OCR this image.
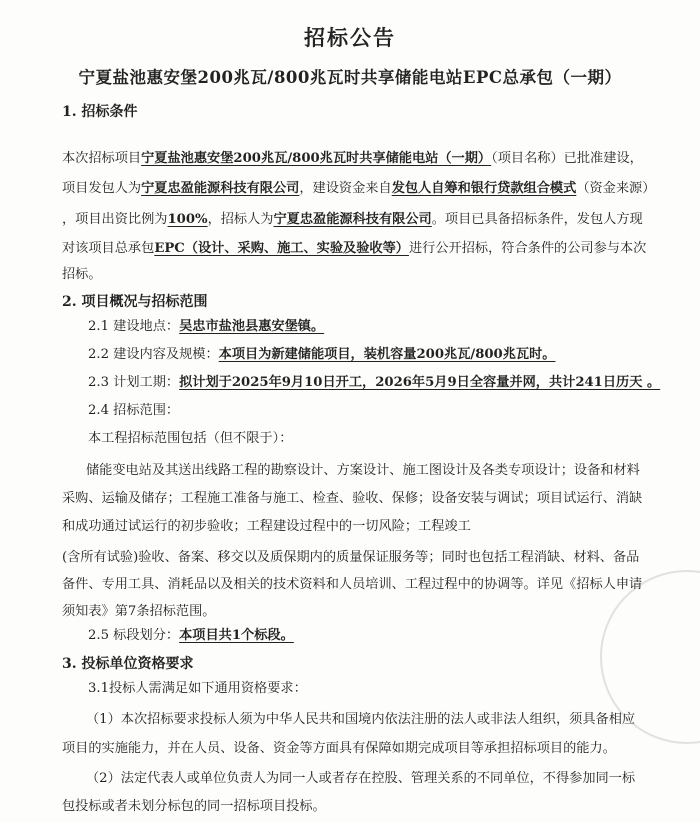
招标公告
宁夏盐池惠安堡200兆瓦/800兆瓦时共享储能电站EPC总承包（一期）
1. 招标条件
本次招标项目宁夏盐池惠安堡200兆瓦/800兆瓦时共享储能电站（一期）（项目名称）已批准建设，
项目发包人为宁夏忠盈能源科技有限公司，建设资金来自发包人自筹和银行贷款组合模式（资金来源）
，项目出资比例为100%，招标人为宁夏忠盈能源科技有限公司。项目已具备招标条件，发包人方现
对该项目总承包EPC（设计、采购、施工、实验及验收等）进行公开招标，符合条件的公司参与本次
招标。
2. 项目概况与招标范围
2.1 建设地点：吴忠市盐池县惠安堡镇。
2.2 建设内容及规模：本项目为新建储能项目，装机容量200兆瓦/800兆瓦时。
2.3 计划工期：拟计划于2025年9月10日开工，2026年5月9日全容量并网，共计241日历天 。
2.4 招标范围：
本工程招标范围包括（但不限于）：
储能变电站及其送出线路工程的勘察设计、方案设计、施工图设计及各类专项设计；设备和材料
采购、运输及储存；工程施工准备与施工、检查、验收、保修；设备安装与调试；项目试运行、消缺
和成功通过试运行的初步验收；工程建设过程中的一切风险；工程竣工
(含所有试验)验收、备案、移交以及质保期内的质量保证服务等；同时也包括工程消缺、材料、备品
备件、专用工具、消耗品以及相关的技术资料和人员培训、工程过程中的协调等。详见《招标人申请
须知表》第7条招标范围。
2.5 标段划分：本项目共1个标段。
3. 投标单位资格要求
3.1投标人需满足如下通用资格要求：
（1）本次招标要求投标人须为中华人民共和国境内依法注册的法人或非法人组织，须具备相应
项目的实施能力，并在人员、设备、资金等方面具有保障如期完成项目等承担招标项目的能力。
（2）法定代表人或单位负责人为同一人或者存在控股、管理关系的不同单位，不得参加同一标
包投标或者未划分标包的同一招标项目投标。
